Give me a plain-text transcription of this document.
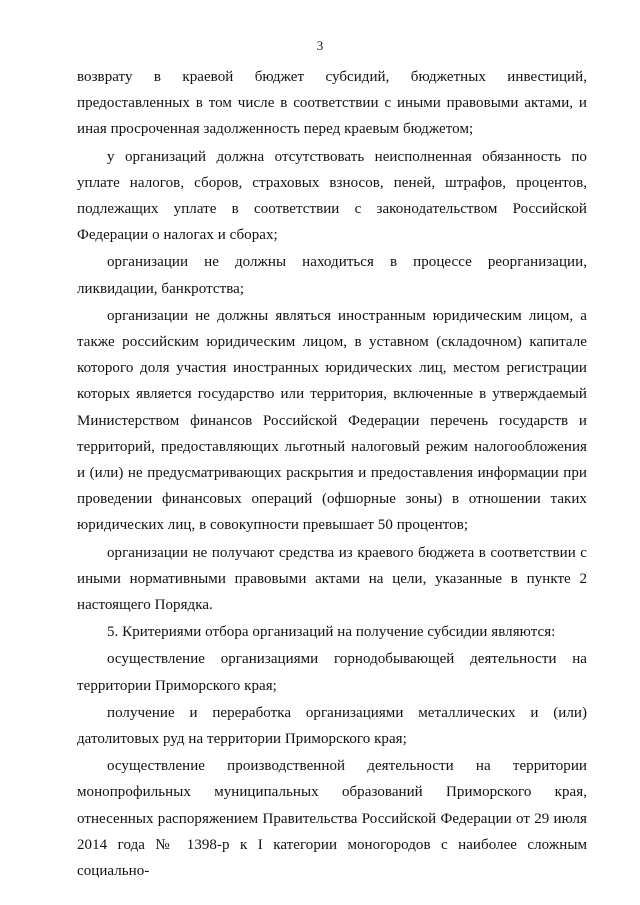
3

возврату в краевой бюджет субсидий, бюджетных инвестиций, предоставленных в том числе в соответствии с иными правовыми актами, и иная просроченная задолженность перед краевым бюджетом;

у организаций должна отсутствовать неисполненная обязанность по уплате налогов, сборов, страховых взносов, пеней, штрафов, процентов, подлежащих уплате в соответствии с законодательством Российской Федерации о налогах и сборах;

организации не должны находиться в процессе реорганизации, ликвидации, банкротства;

организации не должны являться иностранным юридическим лицом, а также российским юридическим лицом, в уставном (складочном) капитале которого доля участия иностранных юридических лиц, местом регистрации которых является государство или территория, включенные в утверждаемый Министерством финансов Российской Федерации перечень государств и территорий, предоставляющих льготный налоговый режим налогообложения и (или) не предусматривающих раскрытия и предоставления информации при проведении финансовых операций (офшорные зоны) в отношении таких юридических лиц, в совокупности превышает 50 процентов;

организации не получают средства из краевого бюджета в соответствии с иными нормативными правовыми актами на цели, указанные в пункте 2 настоящего Порядка.

5. Критериями отбора организаций на получение субсидии являются:

осуществление организациями горнодобывающей деятельности на территории Приморского края;

получение и переработка организациями металлических и (или) датолитовых руд на территории Приморского края;

осуществление производственной деятельности на территории монопрофильных муниципальных образований Приморского края, отнесенных распоряжением Правительства Российской Федерации от 29 июля 2014 года № 1398-р к I категории моногородов с наиболее сложным социально-
